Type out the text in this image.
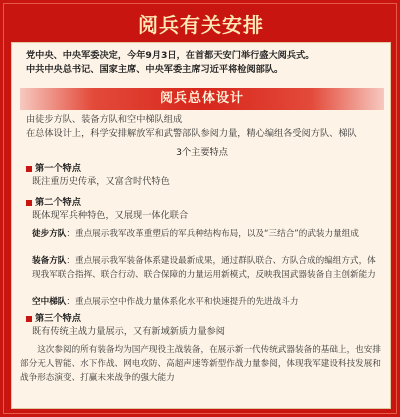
阅兵有关安排
党中央、中央军委决定，今年9月3日，在首都天安门举行盛大阅兵式。
中共中央总书记、国家主席、中央军委主席习近平将检阅部队。
阅兵总体设计
由徒步方队、装备方队和空中梯队组成
在总体设计上，科学安排解放军和武警部队参阅力量，精心编组各受阅方队、梯队
3个主要特点
第一个特点
既注重历史传承，又富含时代特色
第二个特点
既体现军兵种特色，又展现一体化联合
徒步方队：重点展示我军改革重塑后的军兵种结构布局，以及“三结合”的武装力量组成
装备方队：重点展示我军装备体系建设最新成果，通过群队联合、方队合成的编组方式，体现我军联合指挥、联合行动、联合保障的力量运用新模式，反映我国武器装备自主创新能力
空中梯队：重点展示空中作战力量体系化水平和快速提升的先进战斗力
第三个特点
既有传统主战力量展示，又有新域新质力量参阅
这次参阅的所有装备均为国产现役主战装备，在展示新一代传统武器装备的基础上，也安排部分无人智能、水下作战、网电攻防、高超声速等新型作战力量参阅，体现我军建设科技发展和战争形态演变、打赢未来战争的强大能力
